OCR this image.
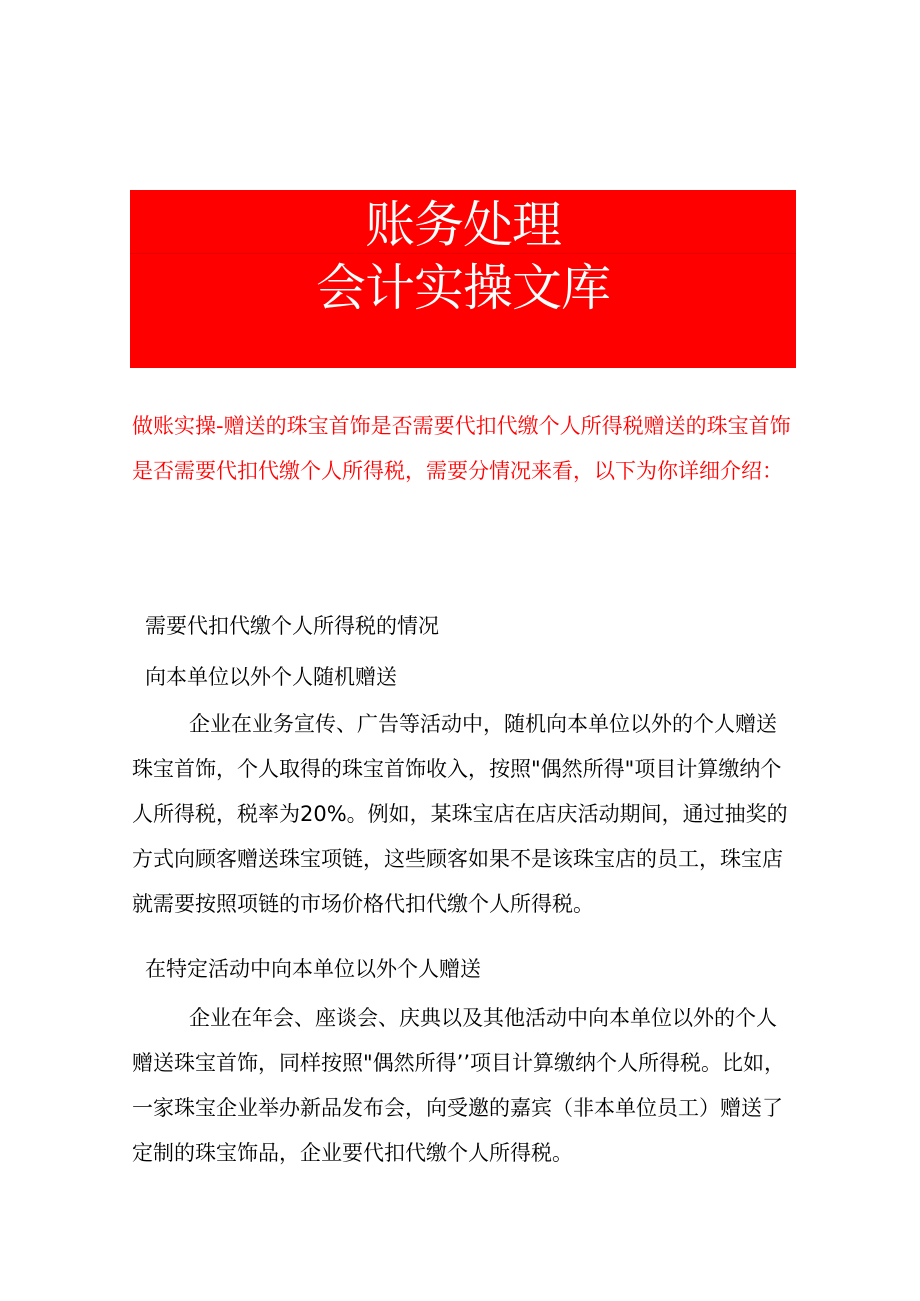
账务处理
会计实操文库

做账实操-赠送的珠宝首饰是否需要代扣代缴个人所得税赠送的珠宝首饰是否需要代扣代缴个人所得税，需要分情况来看，以下为你详细介绍：

需要代扣代缴个人所得税的情况

向本单位以外个人随机赠送

企业在业务宣传、广告等活动中，随机向本单位以外的个人赠送珠宝首饰，个人取得的珠宝首饰收入，按照"偶然所得"项目计算缴纳个人所得税，税率为20%。例如，某珠宝店在店庆活动期间，通过抽奖的方式向顾客赠送珠宝项链，这些顾客如果不是该珠宝店的员工，珠宝店就需要按照项链的市场价格代扣代缴个人所得税。

在特定活动中向本单位以外个人赠送

企业在年会、座谈会、庆典以及其他活动中向本单位以外的个人赠送珠宝首饰，同样按照"偶然所得’’项目计算缴纳个人所得税。比如，一家珠宝企业举办新品发布会，向受邀的嘉宾（非本单位员工）赠送了定制的珠宝饰品，企业要代扣代缴个人所得税。
